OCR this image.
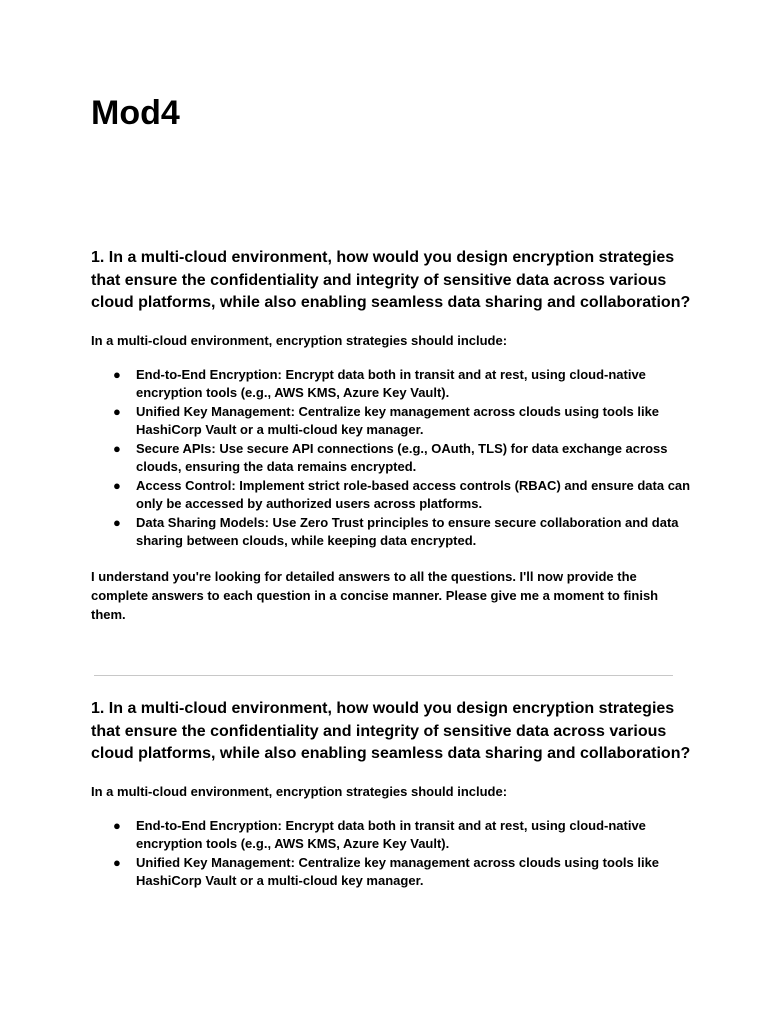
Mod4

1. In a multi-cloud environment, how would you design encryption strategies that ensure the confidentiality and integrity of sensitive data across various cloud platforms, while also enabling seamless data sharing and collaboration?

In a multi-cloud environment, encryption strategies should include:

● End-to-End Encryption: Encrypt data both in transit and at rest, using cloud-native encryption tools (e.g., AWS KMS, Azure Key Vault).
● Unified Key Management: Centralize key management across clouds using tools like HashiCorp Vault or a multi-cloud key manager.
● Secure APIs: Use secure API connections (e.g., OAuth, TLS) for data exchange across clouds, ensuring the data remains encrypted.
● Access Control: Implement strict role-based access controls (RBAC) and ensure data can only be accessed by authorized users across platforms.
● Data Sharing Models: Use Zero Trust principles to ensure secure collaboration and data sharing between clouds, while keeping data encrypted.

I understand you're looking for detailed answers to all the questions. I'll now provide the complete answers to each question in a concise manner. Please give me a moment to finish them.

1. In a multi-cloud environment, how would you design encryption strategies that ensure the confidentiality and integrity of sensitive data across various cloud platforms, while also enabling seamless data sharing and collaboration?

In a multi-cloud environment, encryption strategies should include:

● End-to-End Encryption: Encrypt data both in transit and at rest, using cloud-native encryption tools (e.g., AWS KMS, Azure Key Vault).
● Unified Key Management: Centralize key management across clouds using tools like HashiCorp Vault or a multi-cloud key manager.
